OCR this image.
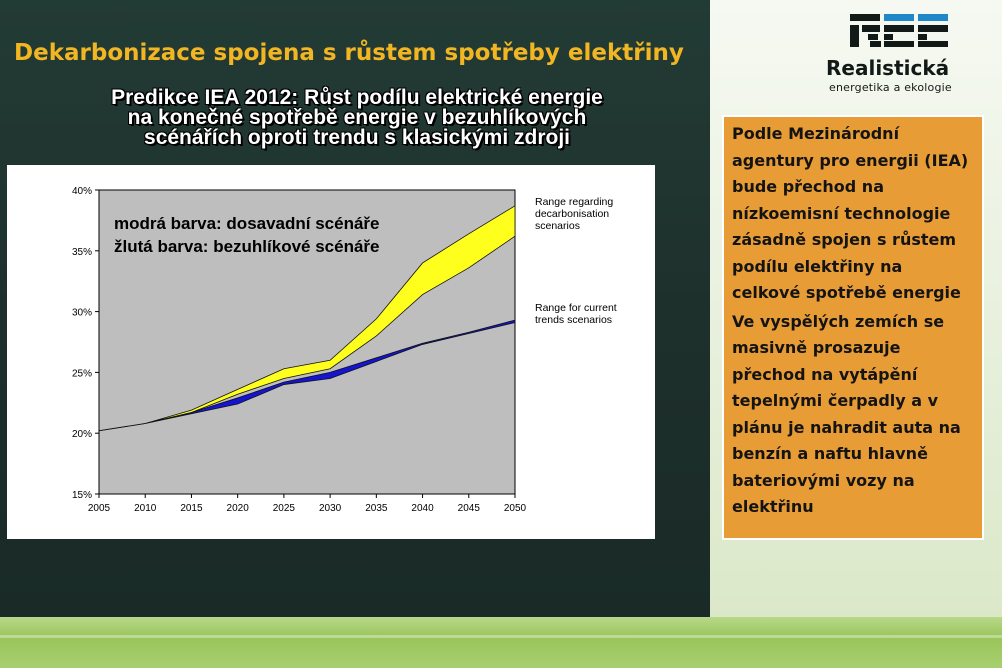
Dekarbonizace spojena s růstem spotřeby elektřiny
Predikce IEA 2012: Růst podílu elektrické energie
na konečné spotřebě energie v bezuhlíkových
scénářích oproti trendu s klasickými zdroji
15%
20%
25%
30%
35%
40%
2005 2010 2015 2020 2025 2030 2035 2040 2045 2050
modrá barva: dosavadní scénáře
žlutá barva: bezuhlíkové scénáře
Range regarding
decarbonisation
scenarios
Range for current
trends scenarios
Realistická
energetika a ekologie

Podle Mezinárodní agentury pro energii (IEA) bude přechod na nízkoemisní technologie zásadně spojen s růstem podílu elektřiny na celkové spotřebě energie

Ve vyspělých zemích se masivně prosazuje přechod na vytápění tepelnými čerpadly a v plánu je nahradit auta na benzín a naftu hlavně bateriovými vozy na elektřinu
